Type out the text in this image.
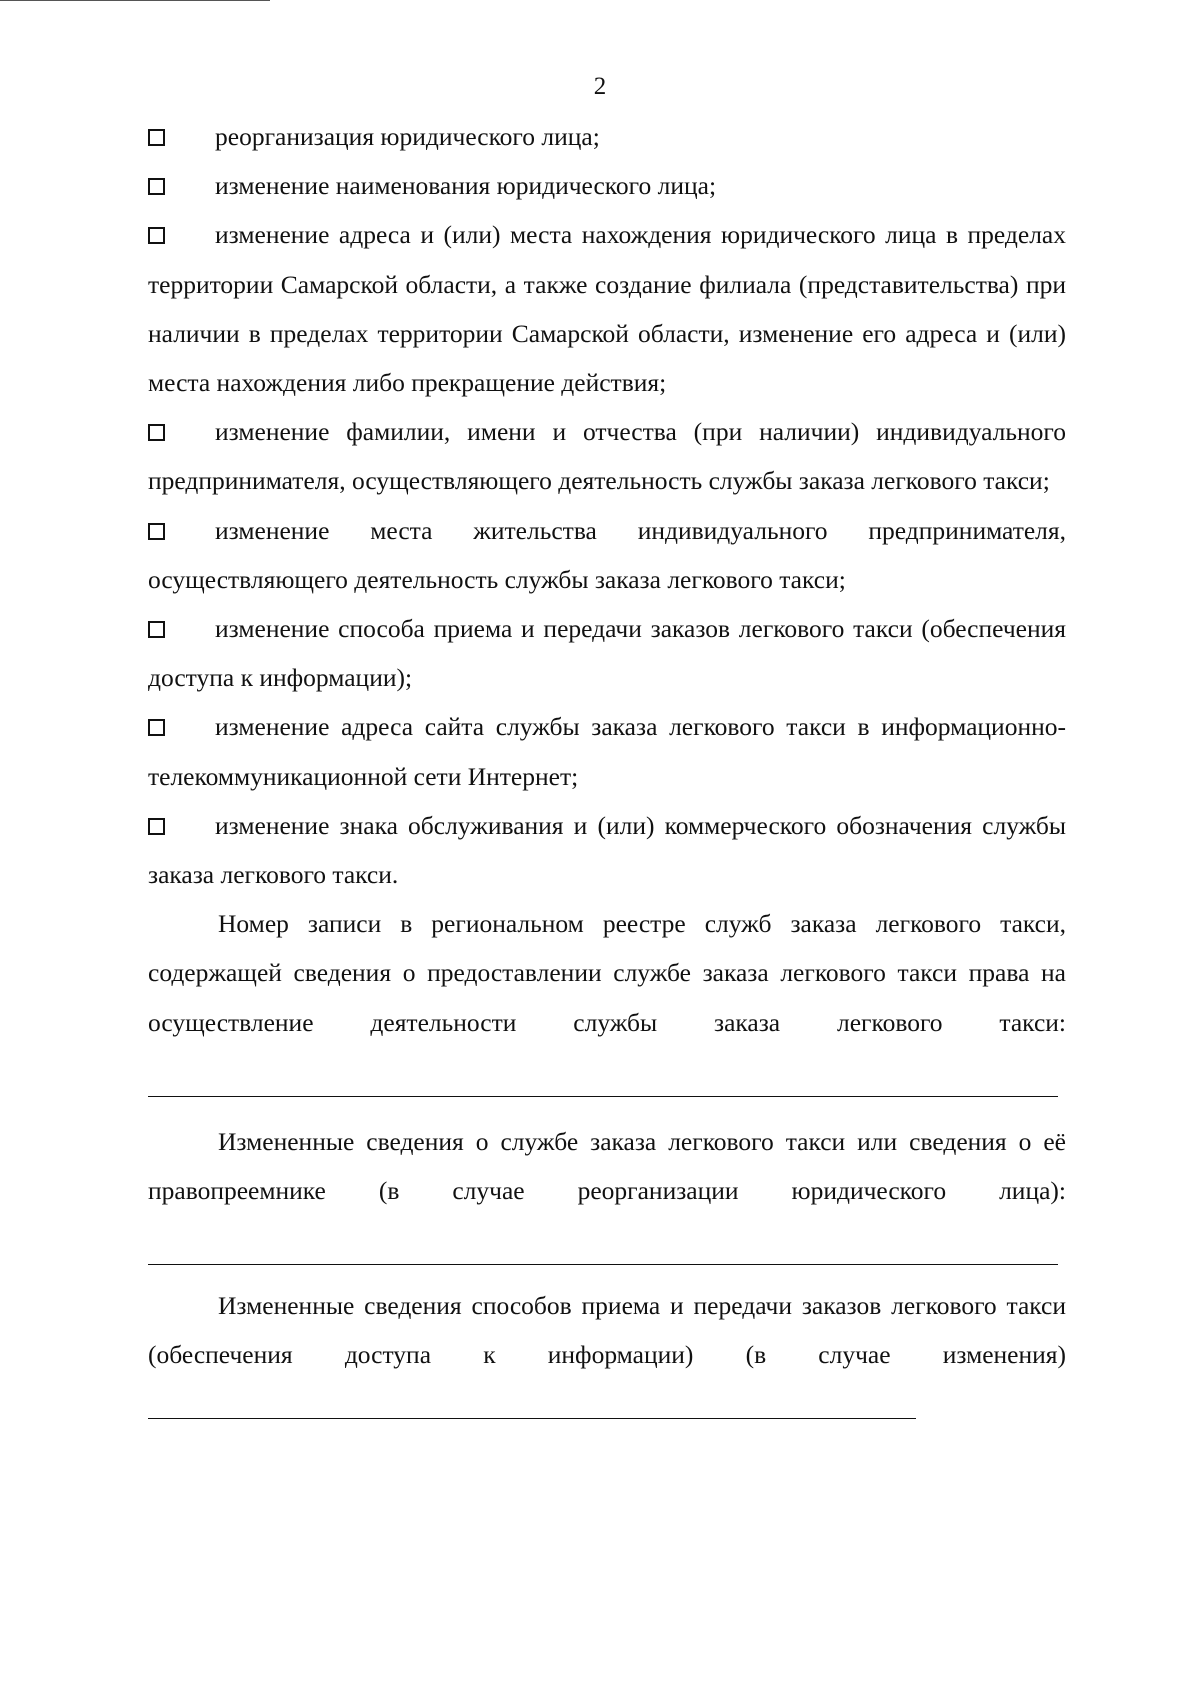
2

реорганизация юридического лица;

изменение наименования юридического лица;

изменение адреса и (или) места нахождения юридического лица в пределах территории Самарской области, а также создание филиала (представительства) при наличии в пределах территории Самарской области, изменение его адреса и (или) места нахождения либо прекращение действия;

изменение фамилии, имени и отчества (при наличии) индивидуального предпринимателя, осуществляющего деятельность службы заказа легкового такси;

изменение места жительства индивидуального предпринимателя, осуществляющего деятельность службы заказа легкового такси;

изменение способа приема и передачи заказов легкового такси (обеспечения доступа к информации);

изменение адреса сайта службы заказа легкового такси в информационно-телекоммуникационной сети Интернет;

изменение знака обслуживания и (или) коммерческого обозначения службы заказа легкового такси.

Номер записи в региональном реестре служб заказа легкового такси, содержащей сведения о предоставлении службе заказа легкового такси права на осуществление деятельности службы заказа легкового такси:

Измененные сведения о службе заказа легкового такси или сведения о её правопреемнике (в случае реорганизации юридического лица):

Измененные сведения способов приема и передачи заказов легкового такси (обеспечения доступа к информации) (в случае изменения)
